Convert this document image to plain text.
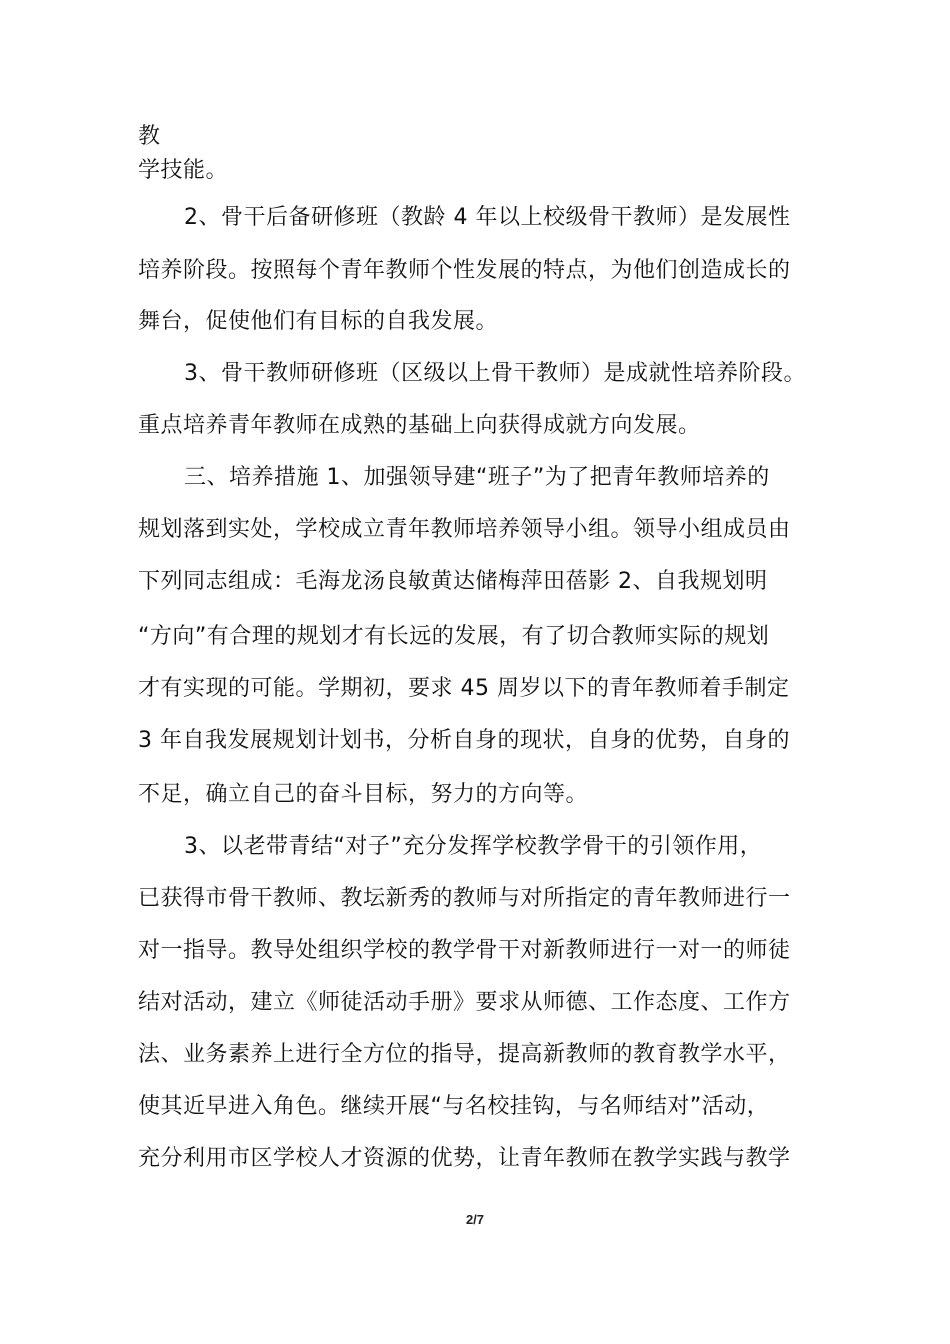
教
学技能。
2、骨干后备研修班（教龄 4 年以上校级骨干教师）是发展性
培养阶段。按照每个青年教师个性发展的特点，为他们创造成长的
舞台，促使他们有目标的自我发展。
3、骨干教师研修班（区级以上骨干教师）是成就性培养阶段。
重点培养青年教师在成熟的基础上向获得成就方向发展。
三、培养措施 1、加强领导建“班子”为了把青年教师培养的
规划落到实处，学校成立青年教师培养领导小组。领导小组成员由
下列同志组成：毛海龙汤良敏黄达储梅萍田蓓影 2、自我规划明
“方向”有合理的规划才有长远的发展，有了切合教师实际的规划
才有实现的可能。学期初，要求 45 周岁以下的青年教师着手制定
3 年自我发展规划计划书，分析自身的现状，自身的优势，自身的
不足，确立自己的奋斗目标，努力的方向等。
3、以老带青结“对子”充分发挥学校教学骨干的引领作用，
已获得市骨干教师、教坛新秀的教师与对所指定的青年教师进行一
对一指导。教导处组织学校的教学骨干对新教师进行一对一的师徒
结对活动，建立《师徒活动手册》要求从师德、工作态度、工作方
法、业务素养上进行全方位的指导，提高新教师的教育教学水平，
使其近早进入角色。继续开展“与名校挂钩，与名师结对”活动，
充分利用市区学校人才资源的优势，让青年教师在教学实践与教学
2/7
